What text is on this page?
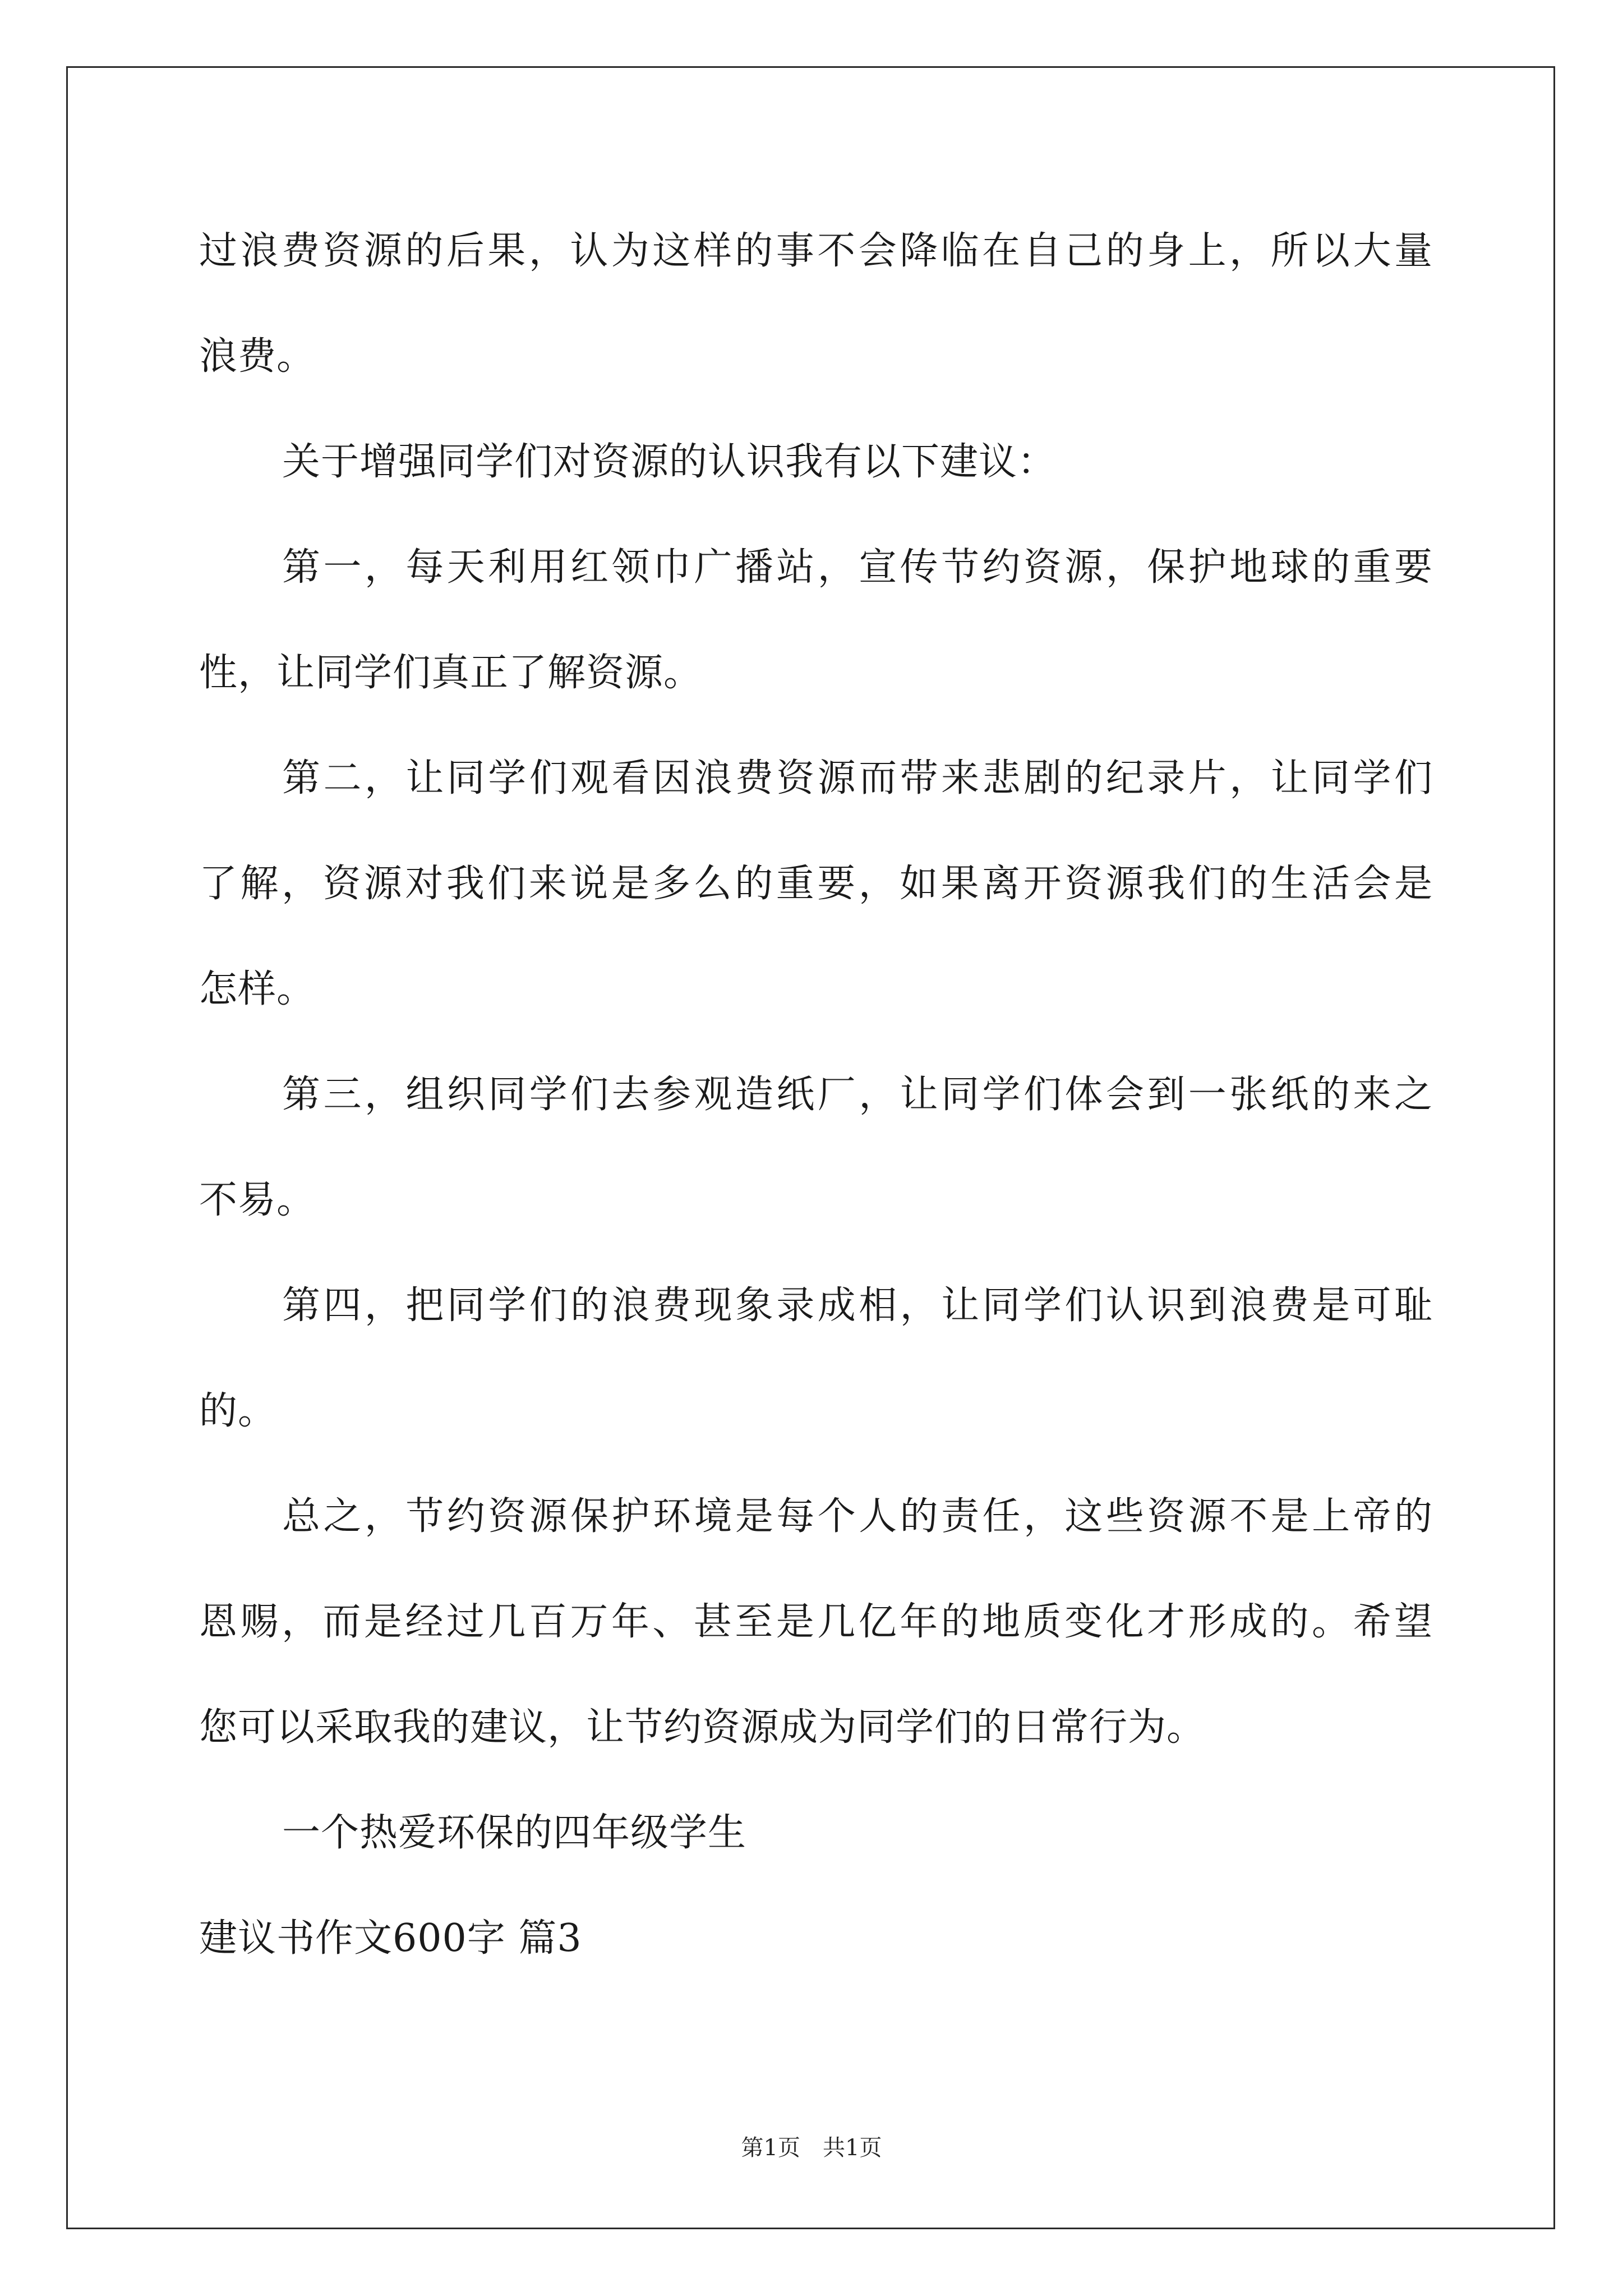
过浪费资源的后果，认为这样的事不会降临在自己的身上，所以大量
浪费。
关于增强同学们对资源的认识我有以下建议：
第一，每天利用红领巾广播站，宣传节约资源，保护地球的重要
性，让同学们真正了解资源。
第二，让同学们观看因浪费资源而带来悲剧的纪录片，让同学们
了解，资源对我们来说是多么的重要，如果离开资源我们的生活会是
怎样。
第三，组织同学们去参观造纸厂，让同学们体会到一张纸的来之
不易。
第四，把同学们的浪费现象录成相，让同学们认识到浪费是可耻
的。
总之，节约资源保护环境是每个人的责任，这些资源不是上帝的
恩赐，而是经过几百万年、甚至是几亿年的地质变化才形成的。希望
您可以采取我的建议，让节约资源成为同学们的日常行为。
一个热爱环保的四年级学生
建议书作文600字 篇3
第1页　共1页
